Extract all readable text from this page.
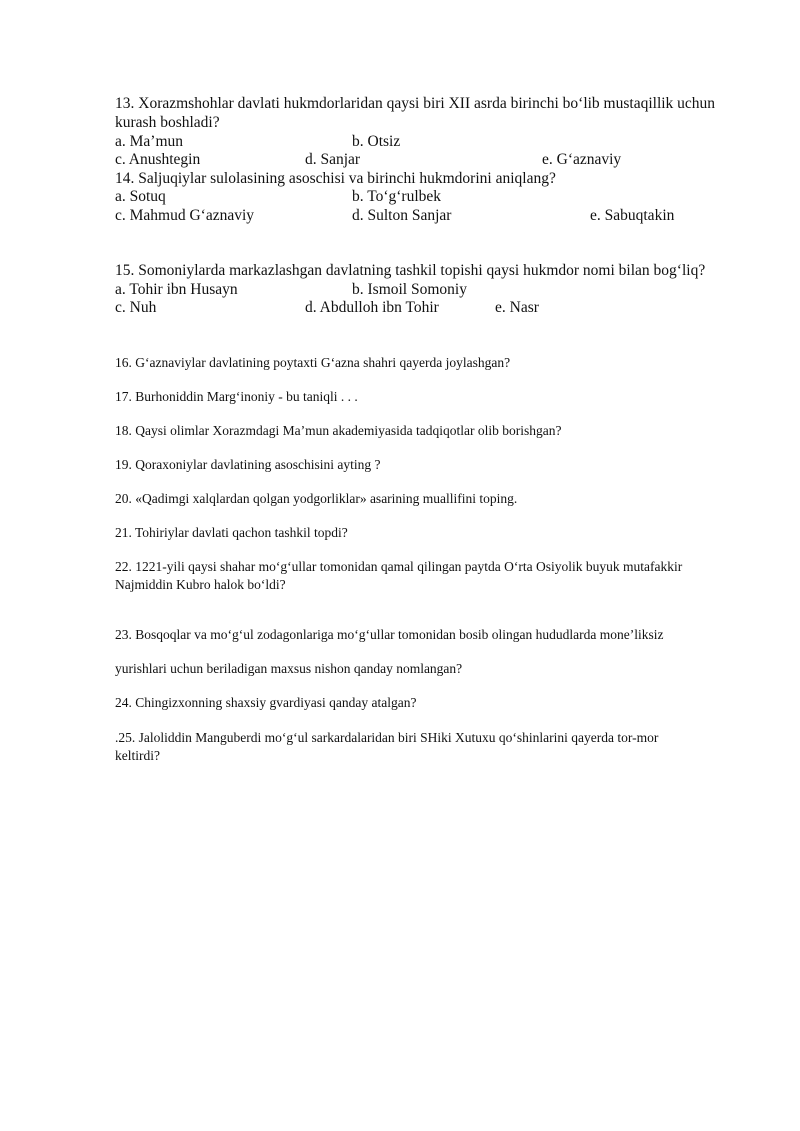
13. Xorazmshohlar davlati hukmdorlaridan qaysi biri XII asrda birinchi bo‘lib mustaqillik uchun
kurash boshladi?
a. Ma’mun	b. Otsiz
c. Anushtegin	d. Sanjar	e. G‘aznaviy
14. Saljuqiylar sulolasining asoschisi va birinchi hukmdorini aniqlang?
a. Sotuq	b. To‘g‘rulbek
c. Mahmud G‘aznaviy	d. Sulton Sanjar	e. Sabuqtakin
15. Somoniylarda markazlashgan davlatning tashkil topishi qaysi hukmdor nomi bilan bog‘liq?
a. Tohir ibn Husayn	b. Ismoil Somoniy
c. Nuh	d. Abdulloh ibn Tohir	e. Nasr
16. G‘aznaviylar davlatining poytaxti G‘azna shahri qayerda joylashgan?
17. Burhoniddin Marg‘inoniy - bu taniqli . . .
18. Qaysi olimlar Xorazmdagi Ma’mun akademiyasida tadqiqotlar olib borishgan?
19. Qoraxoniylar davlatining asoschisini ayting ?
20. «Qadimgi xalqlardan qolgan yodgorliklar» asarining muallifini toping.
21. Tohiriylar davlati qachon tashkil topdi?
22. 1221-yili qaysi shahar mo‘g‘ullar tomonidan qamal qilingan paytda O‘rta Osiyolik buyuk mutafakkir
Najmiddin Kubro halok bo‘ldi?
23. Bosqoqlar va mo‘g‘ul zodagonlariga mo‘g‘ullar tomonidan bosib olingan hududlarda mone’liksiz
yurishlari uchun beriladigan maxsus nishon qanday nomlangan?
24. Chingizxonning shaxsiy gvardiyasi qanday atalgan?
.25. Jaloliddin Manguberdi mo‘g‘ul sarkardalaridan biri SHiki Xutuxu qo‘shinlarini qayerda tor-mor
keltirdi?
